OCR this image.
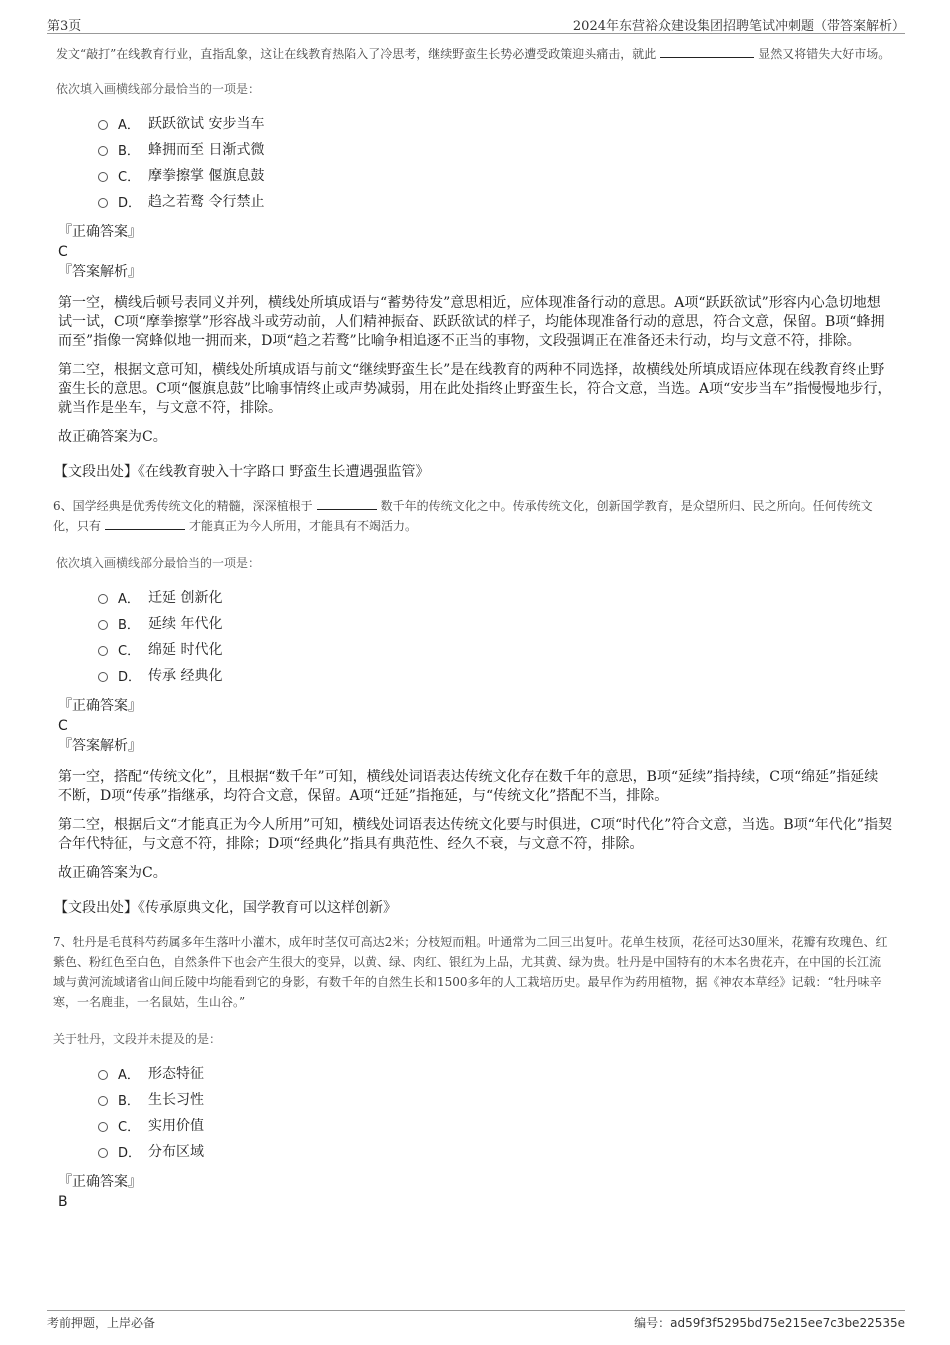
第3页	2024年东营裕众建设集团招聘笔试冲刺题（带答案解析）

发文“敲打”在线教育行业，直指乱象，这让在线教育热陷入了冷思考，继续野蛮生长势必遭受政策迎头痛击，就此	显然又将错失大好市场。

依次填入画横线部分最恰当的一项是：

A． 跃跃欲试 安步当车
B． 蜂拥而至 日渐式微
C． 摩拳擦掌 偃旗息鼓
D． 趋之若鹜 令行禁止

『正确答案』

C

『答案解析』

第一空，横线后顿号表同义并列，横线处所填成语与“蓄势待发”意思相近，应体现准备行动的意思。A项“跃跃欲试”形容内心急切地想试一试，C项“摩拳擦掌”形容战斗或劳动前，人们精神振奋、跃跃欲试的样子，均能体现准备行动的意思，符合文意，保留。B项“蜂拥而至”指像一窝蜂似地一拥而来，D项“趋之若鹜”比喻争相追逐不正当的事物，文段强调正在准备还未行动，均与文意不符，排除。

第二空，根据文意可知，横线处所填成语与前文“继续野蛮生长”是在线教育的两种不同选择，故横线处所填成语应体现在线教育终止野蛮生长的意思。C项“偃旗息鼓”比喻事情终止或声势减弱，用在此处指终止野蛮生长，符合文意，当选。A项“安步当车”指慢慢地步行，就当作是坐车，与文意不符，排除。

故正确答案为C。

【文段出处】《在线教育驶入十字路口 野蛮生长遭遇强监管》

6、国学经典是优秀传统文化的精髓，深深植根于	数千年的传统文化之中。传承传统文化，创新国学教育，是众望所归、民之所向。任何传统文化，只有	才能真正为今人所用，才能具有不竭活力。

依次填入画横线部分最恰当的一项是：

A． 迁延 创新化
B． 延续 年代化
C． 绵延 时代化
D． 传承 经典化

『正确答案』

C

『答案解析』

第一空，搭配“传统文化”，且根据“数千年”可知，横线处词语表达传统文化存在数千年的意思，B项“延续”指持续，C项“绵延”指延续不断，D项“传承”指继承，均符合文意，保留。A项“迁延”指拖延，与“传统文化”搭配不当，排除。

第二空，根据后文“才能真正为今人所用”可知，横线处词语表达传统文化要与时俱进，C项“时代化”符合文意，当选。B项“年代化”指契合年代特征，与文意不符，排除；D项“经典化”指具有典范性、经久不衰，与文意不符，排除。

故正确答案为C。

【文段出处】《传承原典文化，国学教育可以这样创新》

7、牡丹是毛茛科芍药属多年生落叶小灌木，成年时茎仅可高达2米；分枝短而粗。叶通常为二回三出复叶。花单生枝顶，花径可达30厘米，花瓣有玫瑰色、红紫色、粉红色至白色，自然条件下也会产生很大的变异，以黄、绿、肉红、银红为上品，尤其黄、绿为贵。牡丹是中国特有的木本名贵花卉，在中国的长江流域与黄河流域诸省山间丘陵中均能看到它的身影，有数千年的自然生长和1500多年的人工栽培历史。最早作为药用植物，据《神农本草经》记载：“牡丹味辛寒，一名鹿韭，一名鼠姑，生山谷。”

关于牡丹，文段并未提及的是：

A． 形态特征
B． 生长习性
C． 实用价值
D． 分布区域

『正确答案』

B

考前押题，上岸必备	编号：ad59f3f5295bd75e215ee7c3be22535e
